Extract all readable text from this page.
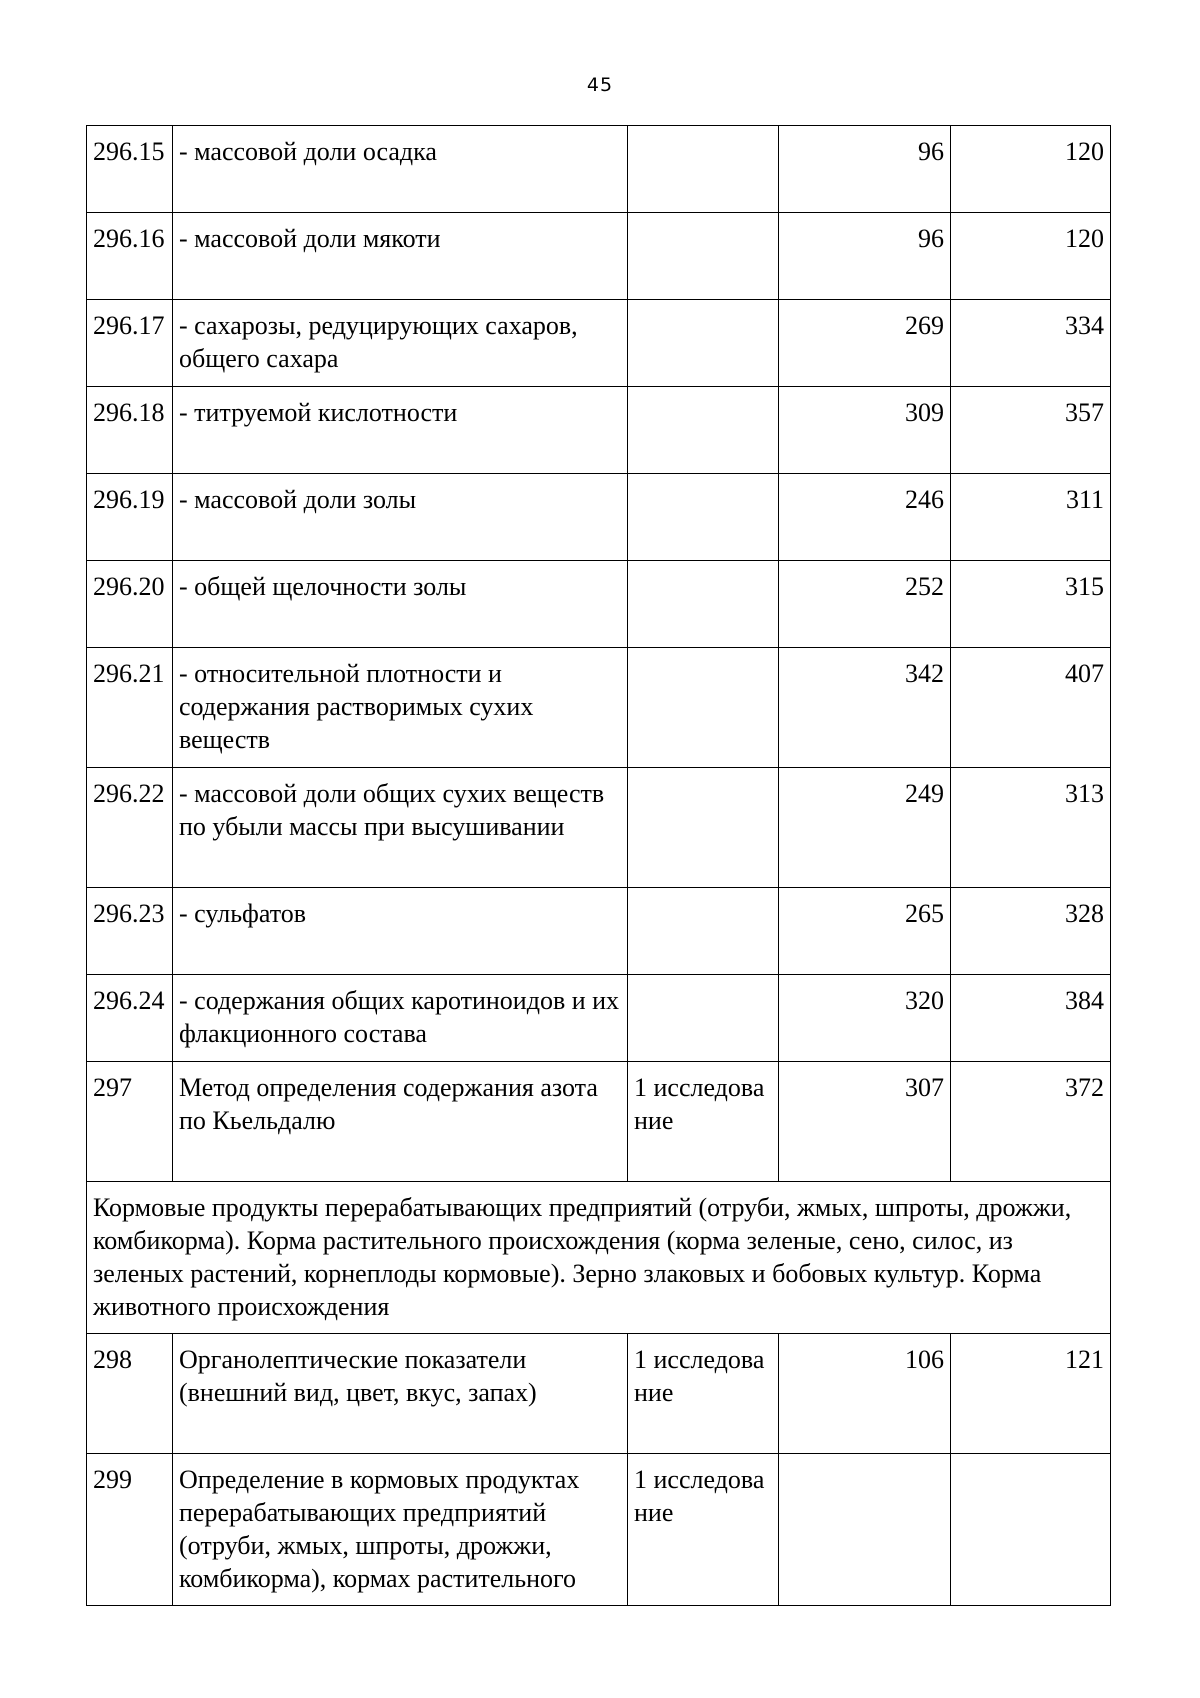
45
296.15	- массовой доли осадка		96	120
296.16	- массовой доли мякоти		96	120
296.17	- сахарозы, редуцирующих сахаров, общего сахара		269	334
296.18	- титруемой кислотности		309	357
296.19	- массовой доли золы		246	311
296.20	- общей щелочности золы		252	315
296.21	- относительной плотности и содержания растворимых сухих веществ		342	407
296.22	- массовой доли общих сухих веществ по убыли массы при высушивании		249	313
296.23	- сульфатов		265	328
296.24	- содержания общих каротиноидов и их флакционного состава		320	384
297	Метод определения содержания азота по Кьельдалю	1 исследование	307	372
Кормовые продукты перерабатывающих предприятий (отруби, жмых, шпроты, дрожжи, комбикорма). Корма растительного происхождения (корма зеленые, сено, силос, из зеленых растений, корнеплоды кормовые). Зерно злаковых и бобовых культур. Корма животного происхождения				
298	Органолептические показатели (внешний вид, цвет, вкус, запах)	1 исследование	106	121
299	Определение в кормовых продуктах перерабатывающих предприятий (отруби, жмых, шпроты, дрожжи, комбикорма), кормах растительного	1 исследование		
